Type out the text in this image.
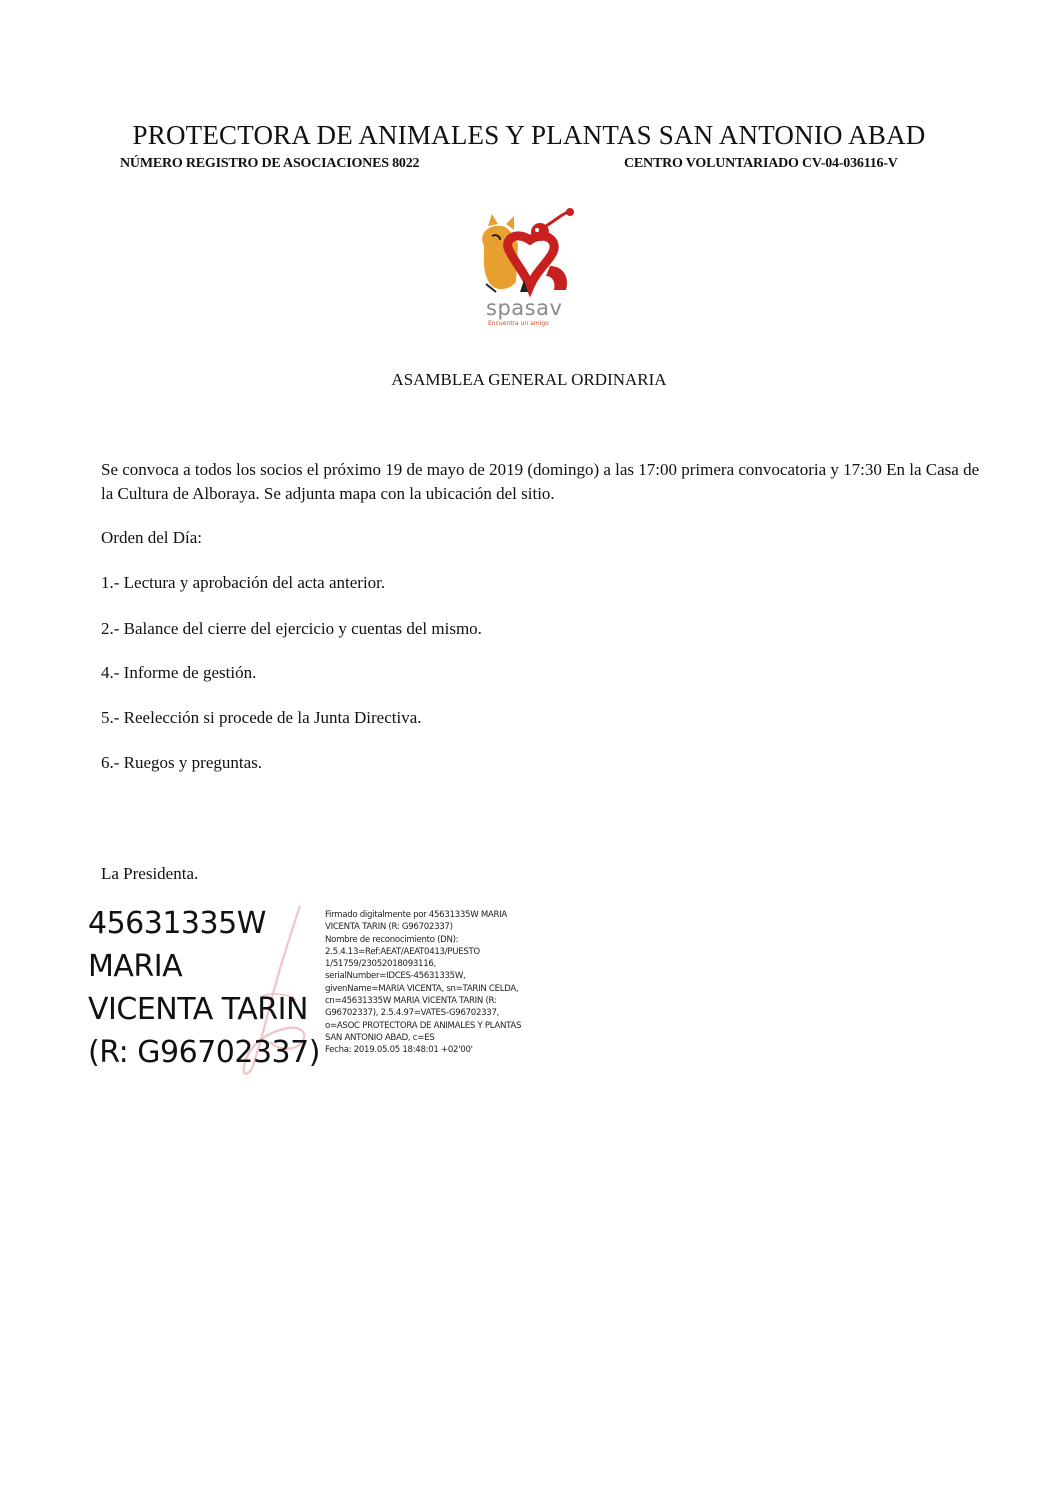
PROTECTORA DE ANIMALES Y PLANTAS SAN ANTONIO ABAD
NÚMERO REGISTRO DE ASOCIACIONES 8022	CENTRO VOLUNTARIADO CV-04-036116-V
spasav
Encuentra un amigo
ASAMBLEA GENERAL ORDINARIA
Se convoca a todos los socios el próximo 19 de mayo de 2019 (domingo) a las 17:00 primera convocatoria y 17:30 En la Casa de la Cultura de Alboraya. Se adjunta mapa con la ubicación del sitio.
Orden del Día:
1.- Lectura y aprobación del acta anterior.
2.- Balance del cierre del ejercicio y cuentas del mismo.
4.- Informe de gestión.
5.- Reelección si procede de la Junta Directiva.
6.- Ruegos y preguntas.
La Presidenta.
45631335W
MARIA
VICENTA TARIN
(R: G96702337)
Firmado digitalmente por 45631335W MARIA
VICENTA TARIN (R: G96702337)
Nombre de reconocimiento (DN):
2.5.4.13=Ref:AEAT/AEAT0413/PUESTO
1/51759/23052018093116,
serialNumber=IDCES-45631335W,
givenName=MARIA VICENTA, sn=TARIN CELDA,
cn=45631335W MARIA VICENTA TARIN (R:
G96702337), 2.5.4.97=VATES-G96702337,
o=ASOC PROTECTORA DE ANIMALES Y PLANTAS
SAN ANTONIO ABAD, c=ES
Fecha: 2019.05.05 18:48:01 +02'00'
